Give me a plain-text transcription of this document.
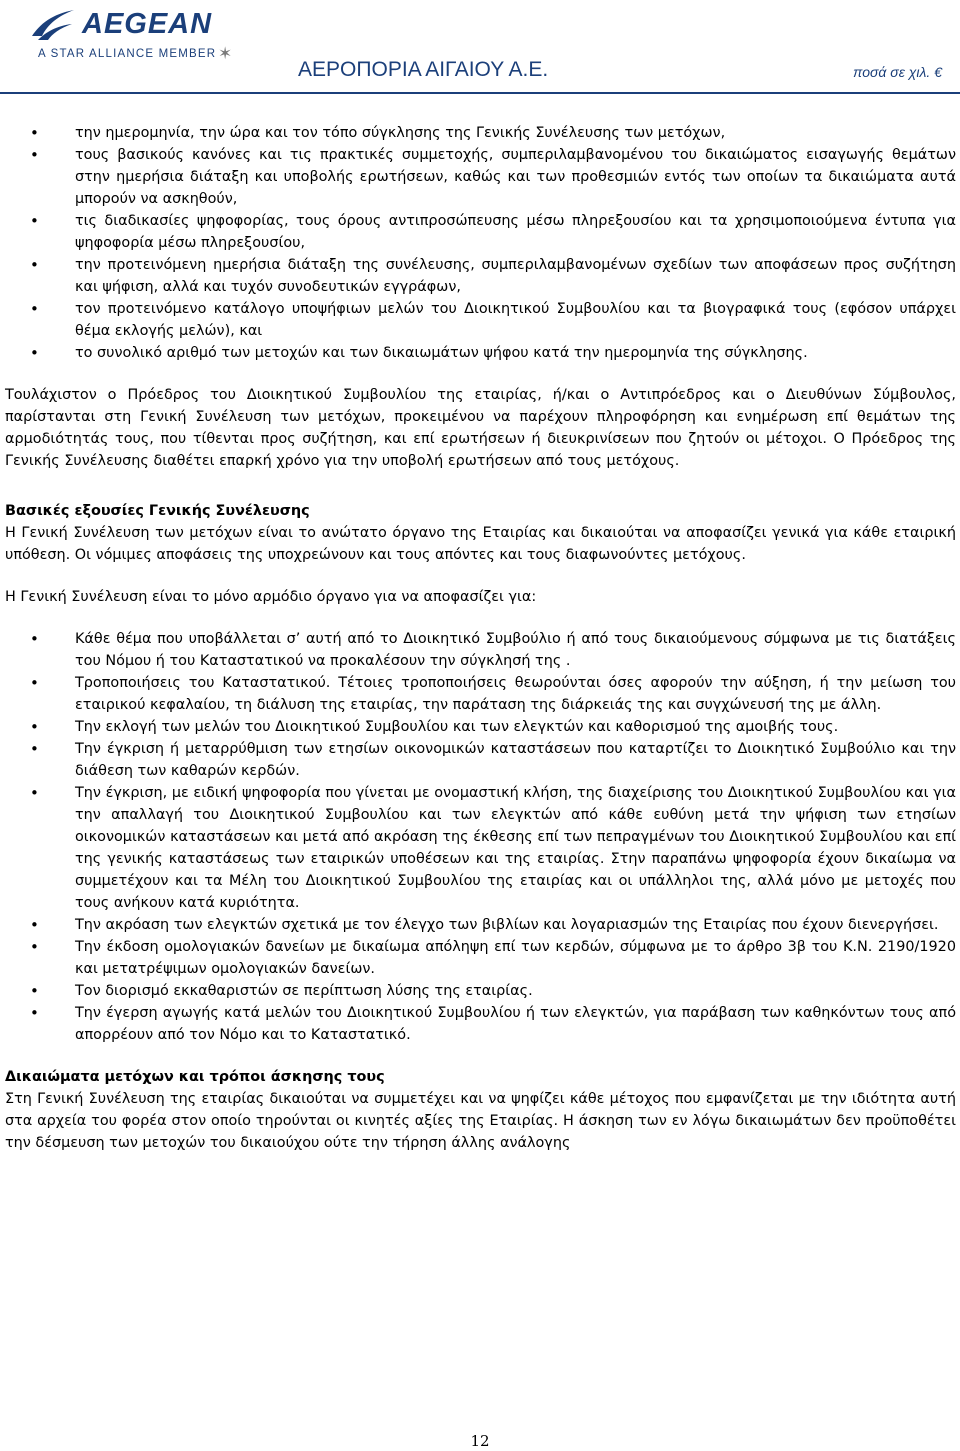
AEGEAN
A STAR ALLIANCE MEMBER ✶
ΑΕΡΟΠΟΡΙΑ ΑΙΓΑΙΟΥ Α.Ε.	ποσά σε χιλ. €
• την ημερομηνία, την ώρα και τον τόπο σύγκλησης της Γενικής Συνέλευσης των μετόχων,
• τους βασικούς κανόνες και τις πρακτικές συμμετοχής, συμπεριλαμβανομένου του δικαιώματος εισαγωγής θεμάτων στην ημερήσια διάταξη και υποβολής ερωτήσεων, καθώς και των προθεσμιών εντός των οποίων τα δικαιώματα αυτά μπορούν να ασκηθούν,
• τις διαδικασίες ψηφοφορίας, τους όρους αντιπροσώπευσης μέσω πληρεξουσίου και τα χρησιμοποιούμενα έντυπα για ψηφοφορία μέσω πληρεξουσίου,
• την προτεινόμενη ημερήσια διάταξη της συνέλευσης, συμπεριλαμβανομένων σχεδίων των αποφάσεων προς συζήτηση και ψήφιση, αλλά και τυχόν συνοδευτικών εγγράφων,
• τον προτεινόμενο κατάλογο υποψήφιων μελών του Διοικητικού Συμβουλίου και τα βιογραφικά τους (εφόσον υπάρχει θέμα εκλογής μελών), και
• το συνολικό αριθμό των μετοχών και των δικαιωμάτων ψήφου κατά την ημερομηνία της σύγκλησης.

Τουλάχιστον ο Πρόεδρος του Διοικητικού Συμβουλίου της εταιρίας, ή/και ο Αντιπρόεδρος και ο Διευθύνων Σύμβουλος, παρίστανται στη Γενική Συνέλευση των μετόχων, προκειμένου να παρέχουν πληροφόρηση και ενημέρωση επί θεμάτων της αρμοδιότητάς τους, που τίθενται προς συζήτηση, και επί ερωτήσεων ή διευκρινίσεων που ζητούν οι μέτοχοι. Ο Πρόεδρος της Γενικής Συνέλευσης διαθέτει επαρκή χρόνο για την υποβολή ερωτήσεων από τους μετόχους.

Βασικές εξουσίες Γενικής Συνέλευσης

Η Γενική Συνέλευση των μετόχων είναι το ανώτατο όργανο της Εταιρίας και δικαιούται να αποφασίζει γενικά για κάθε εταιρική υπόθεση. Οι νόμιμες αποφάσεις της υποχρεώνουν και τους απόντες και τους διαφωνούντες μετόχους.

Η Γενική Συνέλευση είναι το μόνο αρμόδιο όργανο για να αποφασίζει για:

• Κάθε θέμα που υποβάλλεται σ’ αυτή από το Διοικητικό Συμβούλιο ή από τους δικαιούμενους σύμφωνα με τις διατάξεις του Νόμου ή του Καταστατικού να προκαλέσουν την σύγκλησή της .
• Τροποποιήσεις του Καταστατικού. Τέτοιες τροποποιήσεις θεωρούνται όσες αφορούν την αύξηση, ή την μείωση του εταιρικού κεφαλαίου, τη διάλυση της εταιρίας, την παράταση της διάρκειάς της και συγχώνευσή της με άλλη.
• Την εκλογή των μελών του Διοικητικού Συμβουλίου και των ελεγκτών και καθορισμού της αμοιβής τους.
• Την έγκριση ή μεταρρύθμιση των ετησίων οικονομικών καταστάσεων που καταρτίζει το Διοικητικό Συμβούλιο και την διάθεση των καθαρών κερδών.
• Την έγκριση, με ειδική ψηφοφορία που γίνεται με ονομαστική κλήση, της διαχείρισης του Διοικητικού Συμβουλίου και για την απαλλαγή του Διοικητικού Συμβουλίου και των ελεγκτών από κάθε ευθύνη μετά την ψήφιση των ετησίων οικονομικών καταστάσεων και μετά από ακρόαση της έκθεσης επί των πεπραγμένων του Διοικητικού Συμβουλίου και επί της γενικής καταστάσεως των εταιρικών υποθέσεων και της εταιρίας. Στην παραπάνω ψηφοφορία έχουν δικαίωμα να συμμετέχουν και τα Μέλη του Διοικητικού Συμβουλίου της εταιρίας και οι υπάλληλοι της, αλλά μόνο με μετοχές που τους ανήκουν κατά κυριότητα.
• Την ακρόαση των ελεγκτών σχετικά με τον έλεγχο των βιβλίων και λογαριασμών της Εταιρίας που έχουν διενεργήσει.
• Την έκδοση ομολογιακών δανείων με δικαίωμα απόληψη επί των κερδών, σύμφωνα με το άρθρο 3β του Κ.Ν. 2190/1920 και μετατρέψιμων ομολογιακών δανείων.
• Τον διορισμό εκκαθαριστών σε περίπτωση λύσης της εταιρίας.
• Την έγερση αγωγής κατά μελών του Διοικητικού Συμβουλίου ή των ελεγκτών, για παράβαση των καθηκόντων τους από απορρέουν από τον Νόμο και το Καταστατικό.

Δικαιώματα μετόχων και τρόποι άσκησης τους

Στη Γενική Συνέλευση της εταιρίας δικαιούται να συμμετέχει και να ψηφίζει κάθε μέτοχος που εμφανίζεται με την ιδιότητα αυτή στα αρχεία του φορέα στον οποίο τηρούνται οι κινητές αξίες της Εταιρίας. Η άσκηση των εν λόγω δικαιωμάτων δεν προϋποθέτει την δέσμευση των μετοχών του δικαιούχου ούτε την τήρηση άλλης ανάλογης

12
